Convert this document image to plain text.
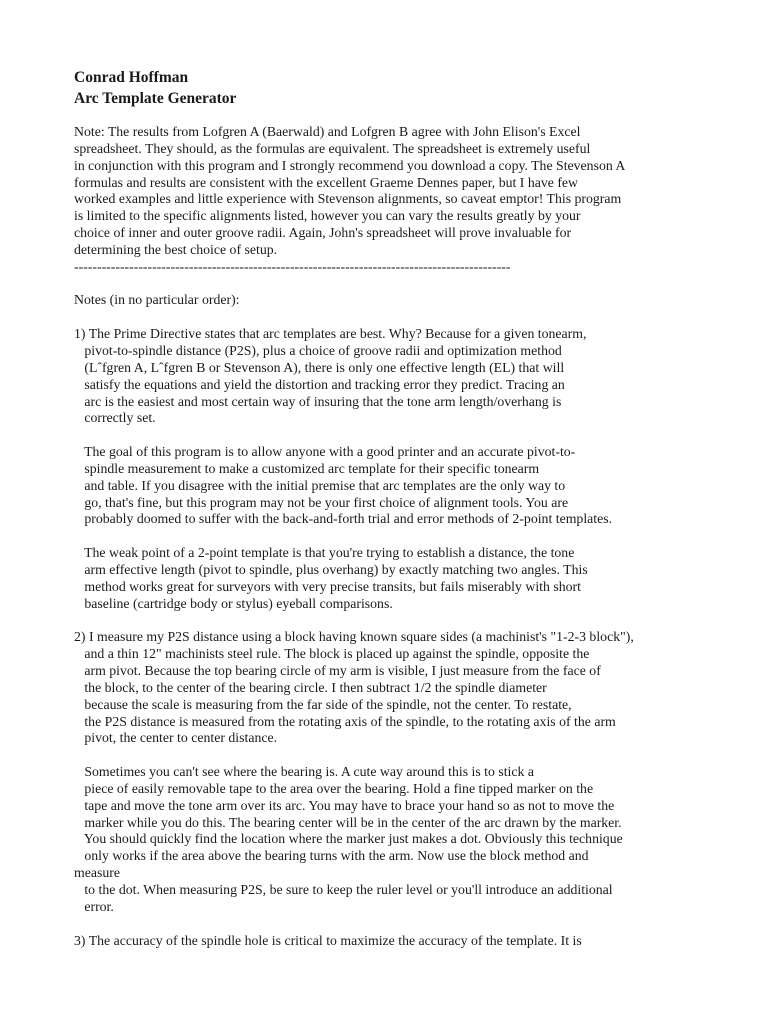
Conrad Hoffman
Arc Template Generator
Note: The results from Lofgren A (Baerwald) and Lofgren B agree with John Elison's Excel
spreadsheet. They should, as the formulas are equivalent. The spreadsheet is extremely useful
in conjunction with this program and I strongly recommend you download a copy. The Stevenson A
formulas and results are consistent with the excellent Graeme Dennes paper, but I have few
worked examples and little experience with Stevenson alignments, so caveat emptor! This program
is limited to the specific alignments listed, however you can vary the results greatly by your
choice of inner and outer groove radii. Again, John's spreadsheet will prove invaluable for
determining the best choice of setup.
-----------------------------------------------------------------------------------------------
Notes (in no particular order):
1) The Prime Directive states that arc templates are best. Why? Because for a given tonearm,
pivot-to-spindle distance (P2S), plus a choice of groove radii and optimization method
(Lˆfgren A, Lˆfgren B or Stevenson A), there is only one effective length (EL) that will
satisfy the equations and yield the distortion and tracking error they predict. Tracing an
arc is the easiest and most certain way of insuring that the tone arm length/overhang is
correctly set.
The goal of this program is to allow anyone with a good printer and an accurate pivot-to-
spindle measurement to make a customized arc template for their specific tonearm
and table. If you disagree with the initial premise that arc templates are the only way to
go, that's fine, but this program may not be your first choice of alignment tools. You are
probably doomed to suffer with the back-and-forth trial and error methods of 2-point templates.
The weak point of a 2-point template is that you're trying to establish a distance, the tone
arm effective length (pivot to spindle, plus overhang) by exactly matching two angles. This
method works great for surveyors with very precise transits, but fails miserably with short
baseline (cartridge body or stylus) eyeball comparisons.
2) I measure my P2S distance using a block having known square sides (a machinist's "1-2-3 block"),
and a thin 12" machinists steel rule. The block is placed up against the spindle, opposite the
arm pivot. Because the top bearing circle of my arm is visible, I just measure from the face of
the block, to the center of the bearing circle. I then subtract 1/2 the spindle diameter
because the scale is measuring from the far side of the spindle, not the center. To restate,
the P2S distance is measured from the rotating axis of the spindle, to the rotating axis of the arm
pivot, the center to center distance.
Sometimes you can't see where the bearing is. A cute way around this is to stick a
piece of easily removable tape to the area over the bearing. Hold a fine tipped marker on the
tape and move the tone arm over its arc. You may have to brace your hand so as not to move the
marker while you do this. The bearing center will be in the center of the arc drawn by the marker.
You should quickly find the location where the marker just makes a dot. Obviously this technique
only works if the area above the bearing turns with the arm. Now use the block method and
measure
to the dot. When measuring P2S, be sure to keep the ruler level or you'll introduce an additional
error.
3) The accuracy of the spindle hole is critical to maximize the accuracy of the template. It is
